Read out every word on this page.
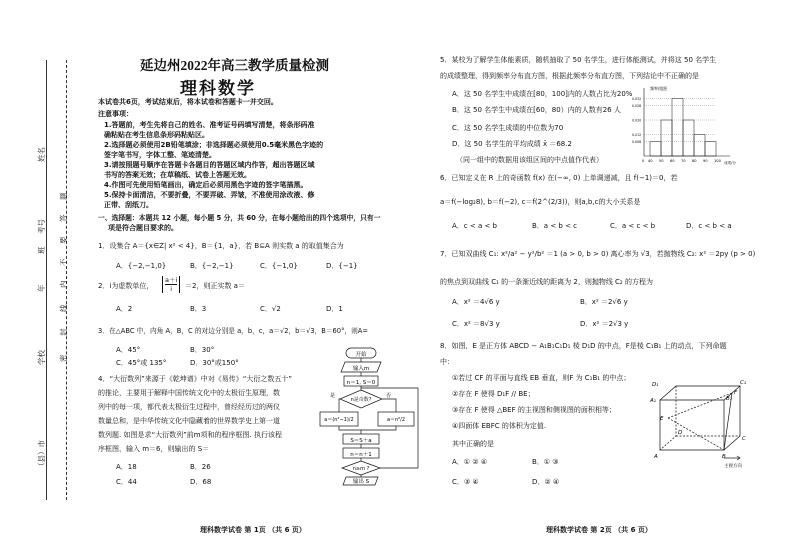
姓名
考号
班
年
学校
（县）市
题
答
要
不
内
线
封
密
延边州2022年高三教学质量检测
理科数学
本试卷共6页，考试结束后，将本试卷和答题卡一并交回。
注意事项：
1.答题前，考生先将自己的姓名、准考证号码填写清楚，将条形码准
确粘贴在考生信息条形码粘贴区。
2.选择题必须使用2B铅笔填涂；非选择题必须使用0.5毫米黑色字迹的
签字笔书写，字体工整、笔迹清楚。
3.请按照题号顺序在答题卡各题目的答题区域内作答，超出答题区域
书写的答案无效；在草稿纸、试卷上答题无效。
4.作图可先使用铅笔画出，确定后必须用黑色字迹的签字笔描黑。
5.保持卡面清洁，不要折叠，不要弄破、弄皱，不准使用涂改液、修
正带、刮纸刀。
一、选择题：本题共 12 小题，每小题 5 分，共 60 分，在每小题给出的四个选项中，只有一
项是符合题目要求的。
1．设集合 A＝{x∈Z| x² < 4}，B＝{1，a}，若 B⊆A 则实数 a 的取值集合为
A．{−2,−1,0}	B．{−2,−1}	C．{−1,0}	D．{−1}
2．i为虚数单位， $\frac{a+i}{i} =2$，则正实数 a＝
A．2	B．3	C．√2	D．1
3．在△ABC 中，内角 A，B，C 的对边分别是 a，b，c，a＝√2，b＝√3，B＝60°，则A=
A．45°	B．30°
C．45°或 135°	D．30°或150°
4．“大衍数列”来源于《乾坤谱》中对《易传》“大衍之数五十”
的推论，主要用于解释中国传统文化中的太极衍生原理，数
列中的每一项，都代表太极衍生过程中，曾经经历过的两仪
数量总和，是中华传统文化中隐藏着的世界数学史上第一道
数列题. 如图是求“大衍数列”前m项和的程序框图. 执行该程
序框图，输入 m＝6，则输出的 S＝
A．18	B．26
C．44	D．68
开始
输入m
n＝1, S＝0
n是奇数?
是	否
a＝(n²−1)/2	a＝n²/2
S＝S＋a
n＝n＋1
n≥m ?
输出 S
5．某校为了解学生体能素质，随机抽取了 50 名学生，进行体能测试，并将这 50 名学生
的成绩整理，得到频率分布直方图，根据此频率分布直方图，下列结论中不正确的是
A．这 50 名学生中成绩在[80，100]内的人数占比为20%
B．这 50 名学生中成绩在[60，80）内的人数有26 人
C．这 50 名学生成绩的中位数为70
D．这 50 名学生的平均成绩 x̄ ＝68.2
（同一组中的数据用该组区间的中点值作代表）
频率/组距
0 40 50 60 70 80 90 100
0.032
0.028
0.020
0.012
0.008
成绩/分
6．已知定义在 R 上的奇函数 f(x) 在(−∞, 0) 上单调递减，且 f(−1)＝0，若
a＝f(−log₂8), b＝f(−2), c＝f(2^(2/3))，则a,b,c的大小关系是
A．c < a < b	B．a < b < c	C．a < c < b	D．c < b < a
7．已知双曲线 C₁: x²/a² − y²/b² ＝1 (a > 0, b > 0) 离心率为 √3，若抛物线 C₂: x² ＝2py (p > 0)
的焦点到双曲线 C₁ 的一条渐近线的距离为 2，则抛物线 C₂ 的方程为
A．x² ＝4√6 y	B．x² ＝2√6 y
C．x² ＝8√3 y	D．x² ＝2√3 y
8．如图，E 是正方体 ABCD − A₁B₁C₁D₁ 棱 D₁D 的中点，F是棱 C₁B₁ 上的动点，下列命题
中：
①若过 CF 的平面与直线 EB 垂直，则F 为 C₁B₁ 的中点；
②存在 F 使得 D₁F // BE；
③存在 F 使得 △BEF 的主视图和侧视图的面积相等；
④四面体 EBFC 的体积为定值.
其中正确的是
A．① ② ④	B．① ③
C．③ ④	D．② ④
D₁	C₁
A₁	B₁
E
F
D
C
A	B
主视方向
理科数学试卷 第 1页 （共 6 页）	理科数学试卷 第 2页 （共 6 页）
